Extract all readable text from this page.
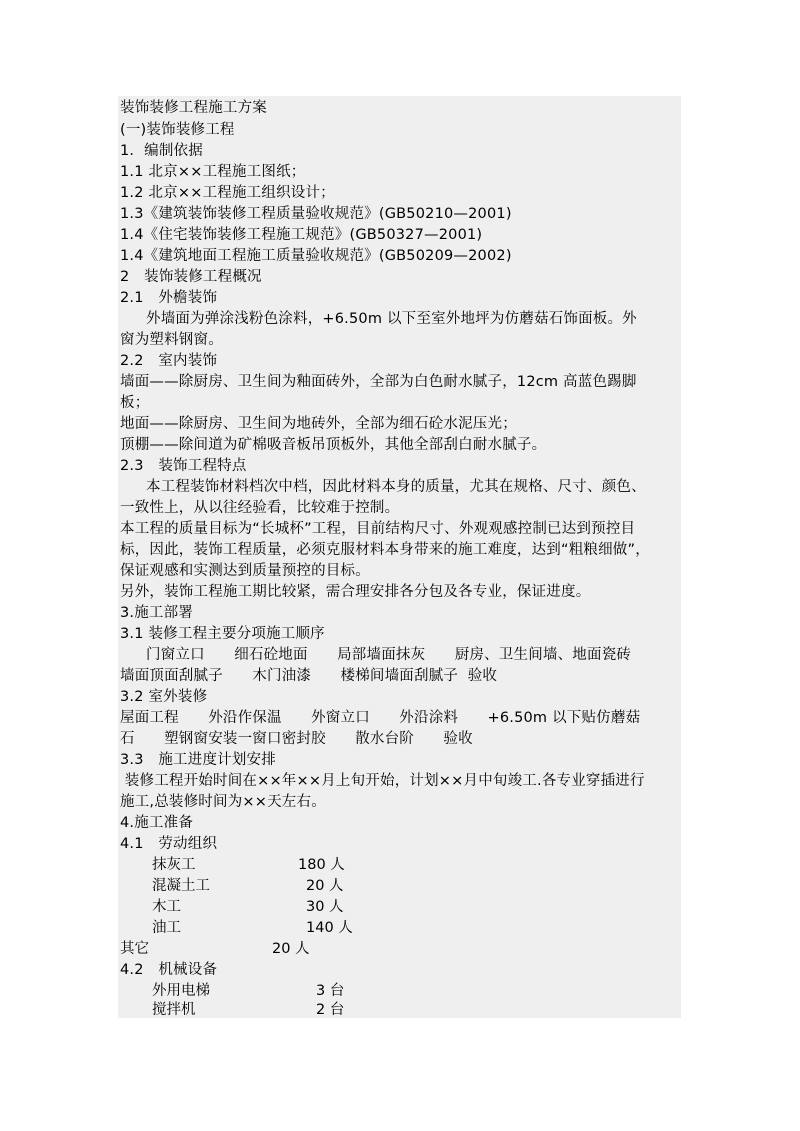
装饰装修工程施工方案
(一)装饰装修工程
1．编制依据
1.1 北京××工程施工图纸；
1.2 北京××工程施工组织设计；
1.3《建筑装饰装修工程质量验收规范》(GB50210—2001)
1.4《住宅装饰装修工程施工规范》(GB50327—2001)
1.4《建筑地面工程施工质量验收规范》(GB50209—2002)
2　装饰装修工程概况
2.1　外檐装饰
外墙面为弹涂浅粉色涂料，+6.50m 以下至室外地坪为仿蘑菇石饰面板。外
窗为塑料钢窗。
2.2　室内装饰
墙面——除厨房、卫生间为釉面砖外，全部为白色耐水腻子，12cm 高蓝色踢脚
板；
地面——除厨房、卫生间为地砖外，全部为细石砼水泥压光；
顶棚——除间道为矿棉吸音板吊顶板外，其他全部刮白耐水腻子。
2.3　装饰工程特点
本工程装饰材料档次中档，因此材料本身的质量，尤其在规格、尺寸、颜色、
一致性上，从以往经验看，比较难于控制。
本工程的质量目标为“长城杯”工程，目前结构尺寸、外观观感控制已达到预控目
标，因此，装饰工程质量，必须克服材料本身带来的施工难度，达到“粗粮细做”，
保证观感和实测达到质量预控的目标。
另外，装饰工程施工期比较紧，需合理安排各分包及各专业，保证进度。
3.施工部署
3.1 装修工程主要分项施工顺序
门窗立口　　细石砼地面　　局部墙面抹灰　　厨房、卫生间墙、地面瓷砖
墙面顶面刮腻子　　木门油漆　　楼梯间墙面刮腻子  验收
3.2 室外装修
屋面工程　　外沿作保温　　外窗立口　　外沿涂料　　+6.50m 以下贴仿蘑菇
石　　塑钢窗安装一窗口密封胶　　散水台阶　　验收
3.3　施工进度计划安排
装修工程开始时间在××年××月上旬开始，计划××月中旬竣工.各专业穿插进行
施工,总装修时间为××天左右。
4.施工准备
4.1　劳动组织
抹灰工	180 人
混凝土工	20 人
木工	30 人
油工	140 人
其它	20 人
4.2　机械设备
外用电梯	3 台
搅拌机	2 台
